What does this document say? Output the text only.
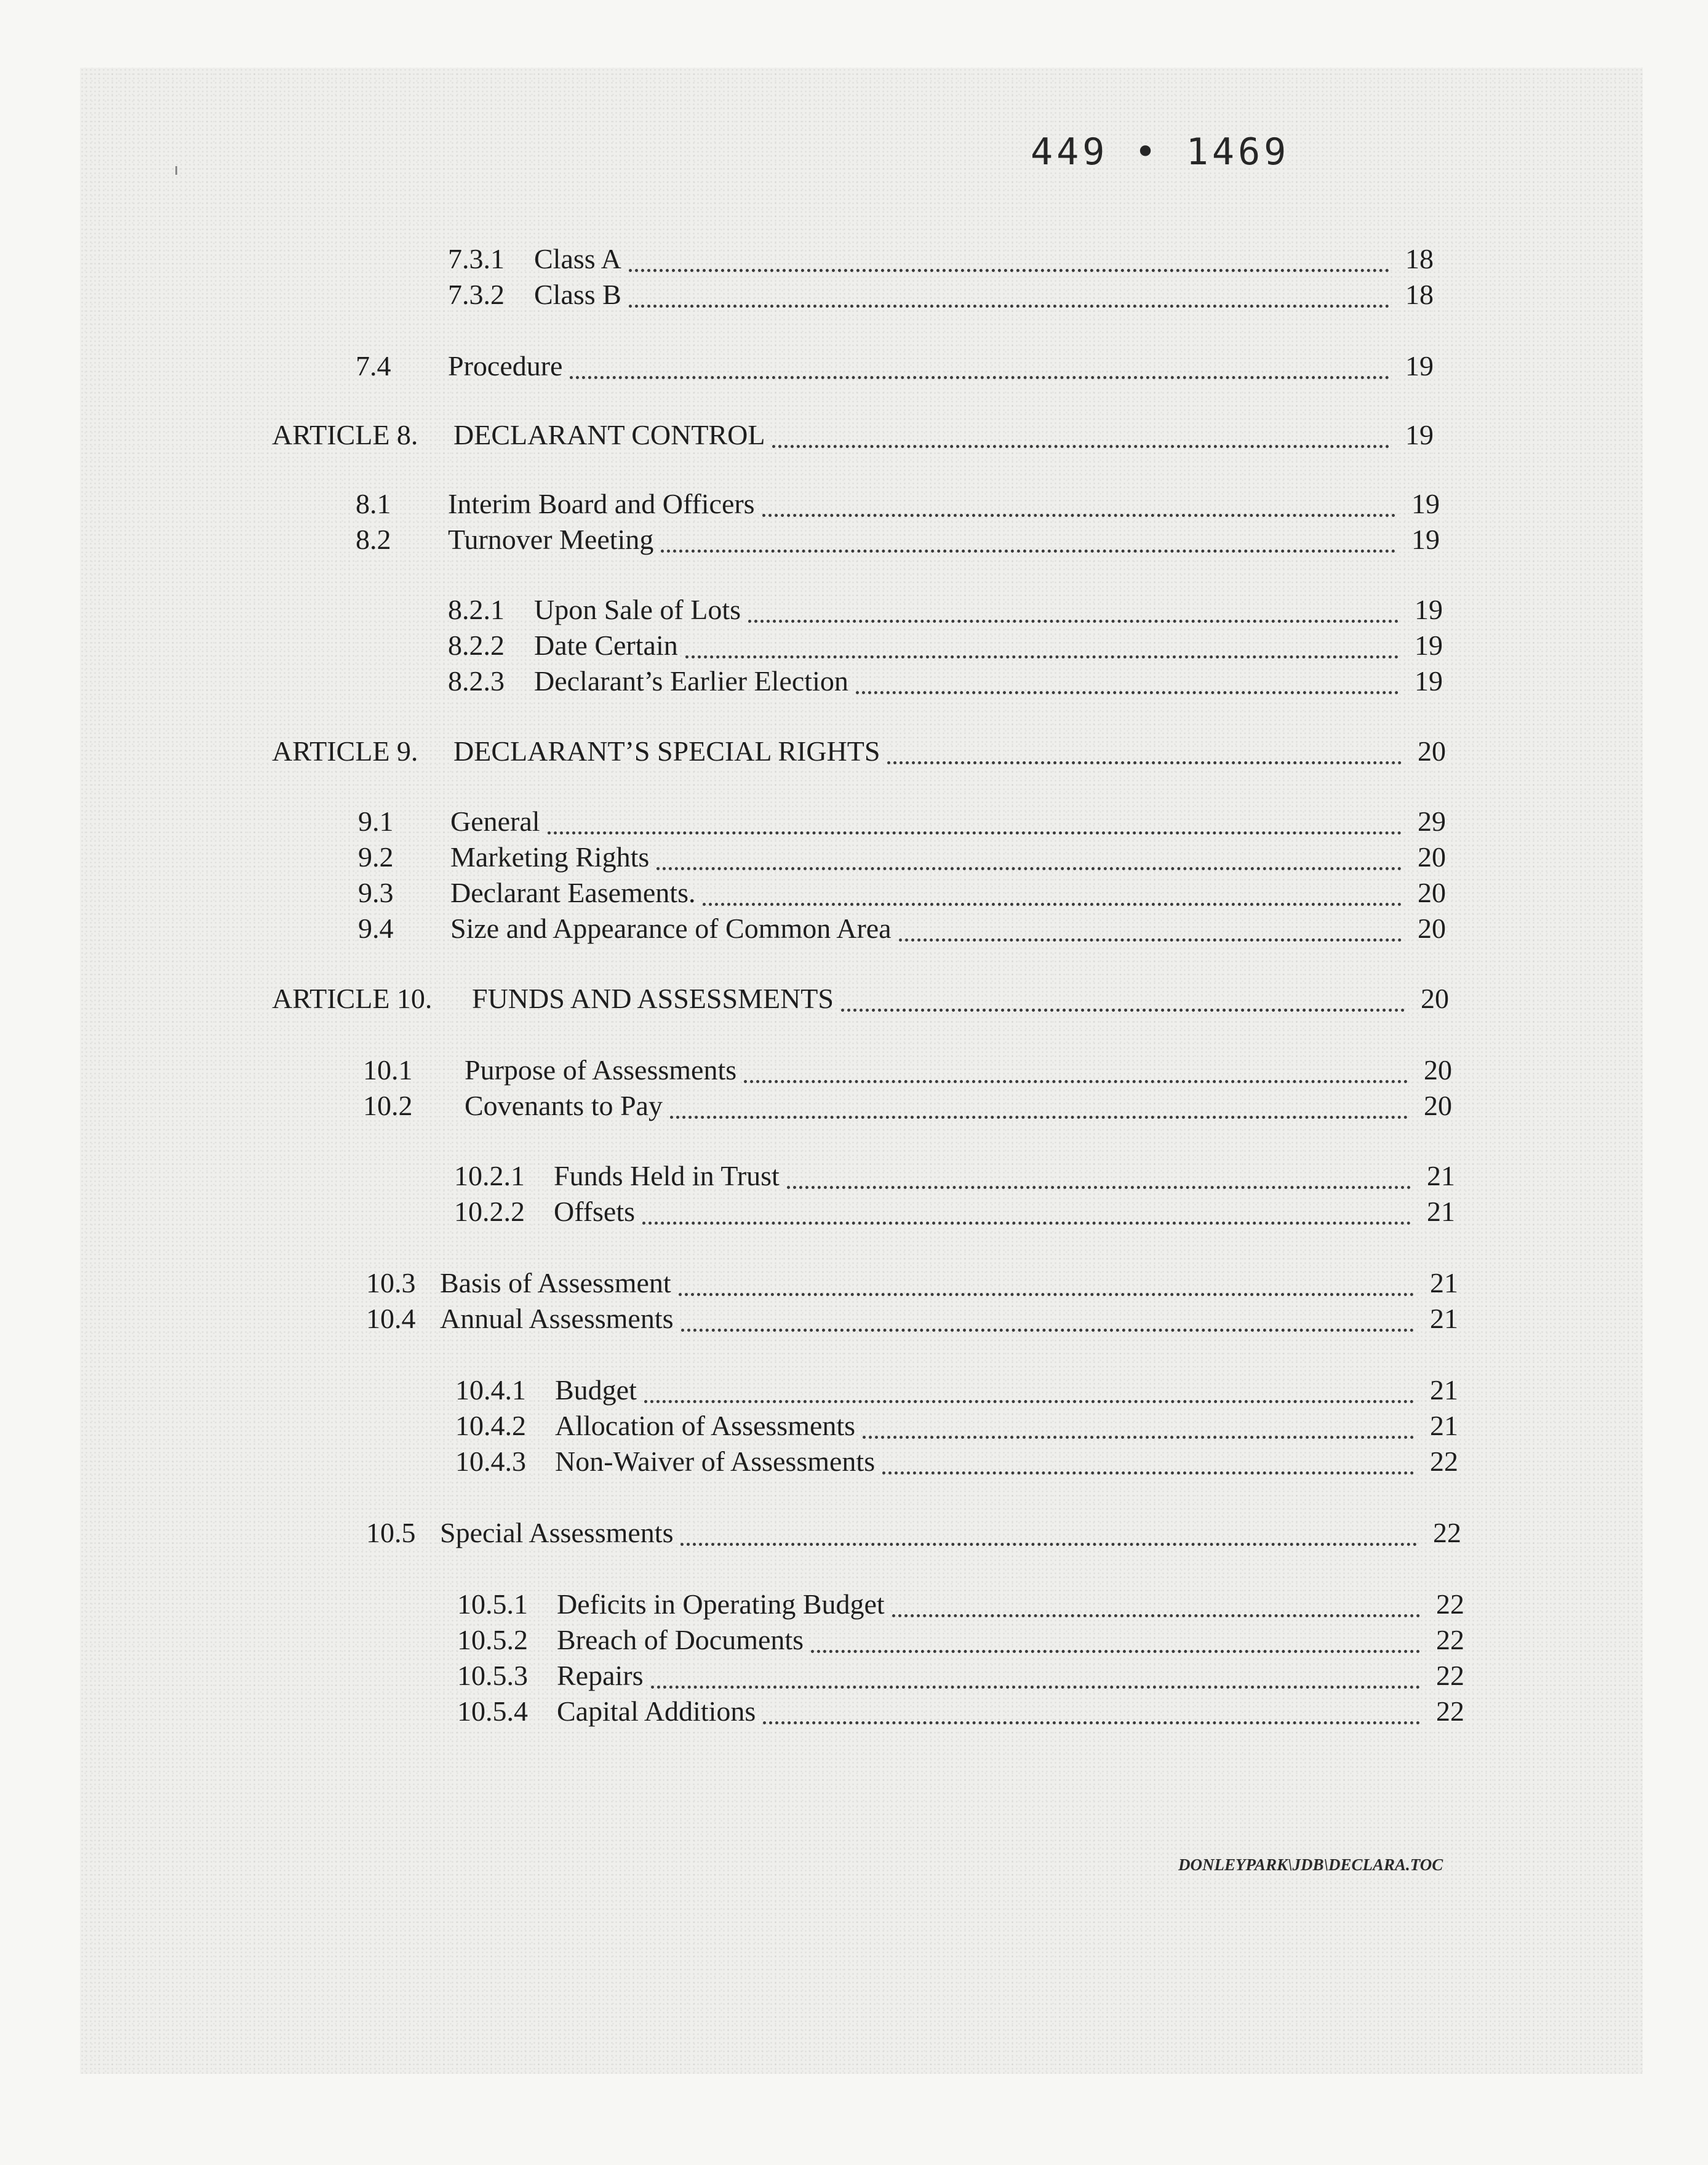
449 • 1469
7.3.1	Class A	18
7.3.2	Class B	18
7.4	Procedure	19
ARTICLE 8.	DECLARANT CONTROL	19
8.1	Interim Board and Officers	19
8.2	Turnover Meeting	19
8.2.1	Upon Sale of Lots	19
8.2.2	Date Certain	19
8.2.3	Declarant’s Earlier Election	19
ARTICLE 9.	DECLARANT’S SPECIAL RIGHTS	20
9.1	General	29
9.2	Marketing Rights	20
9.3	Declarant Easements.	20
9.4	Size and Appearance of Common Area	20
ARTICLE 10.	FUNDS AND ASSESSMENTS	20
10.1	Purpose of Assessments	20
10.2	Covenants to Pay	20
10.2.1	Funds Held in Trust	21
10.2.2	Offsets	21
10.3 Basis of Assessment	21
10.4 Annual Assessments	21
10.4.1	Budget	21
10.4.2	Allocation of Assessments	21
10.4.3	Non-Waiver of Assessments	22
10.5 Special Assessments	22
10.5.1	Deficits in Operating Budget	22
10.5.2	Breach of Documents	22
10.5.3	Repairs	22
10.5.4	Capital Additions	22
DONLEYPARK\JDB\DECLARA.TOC
